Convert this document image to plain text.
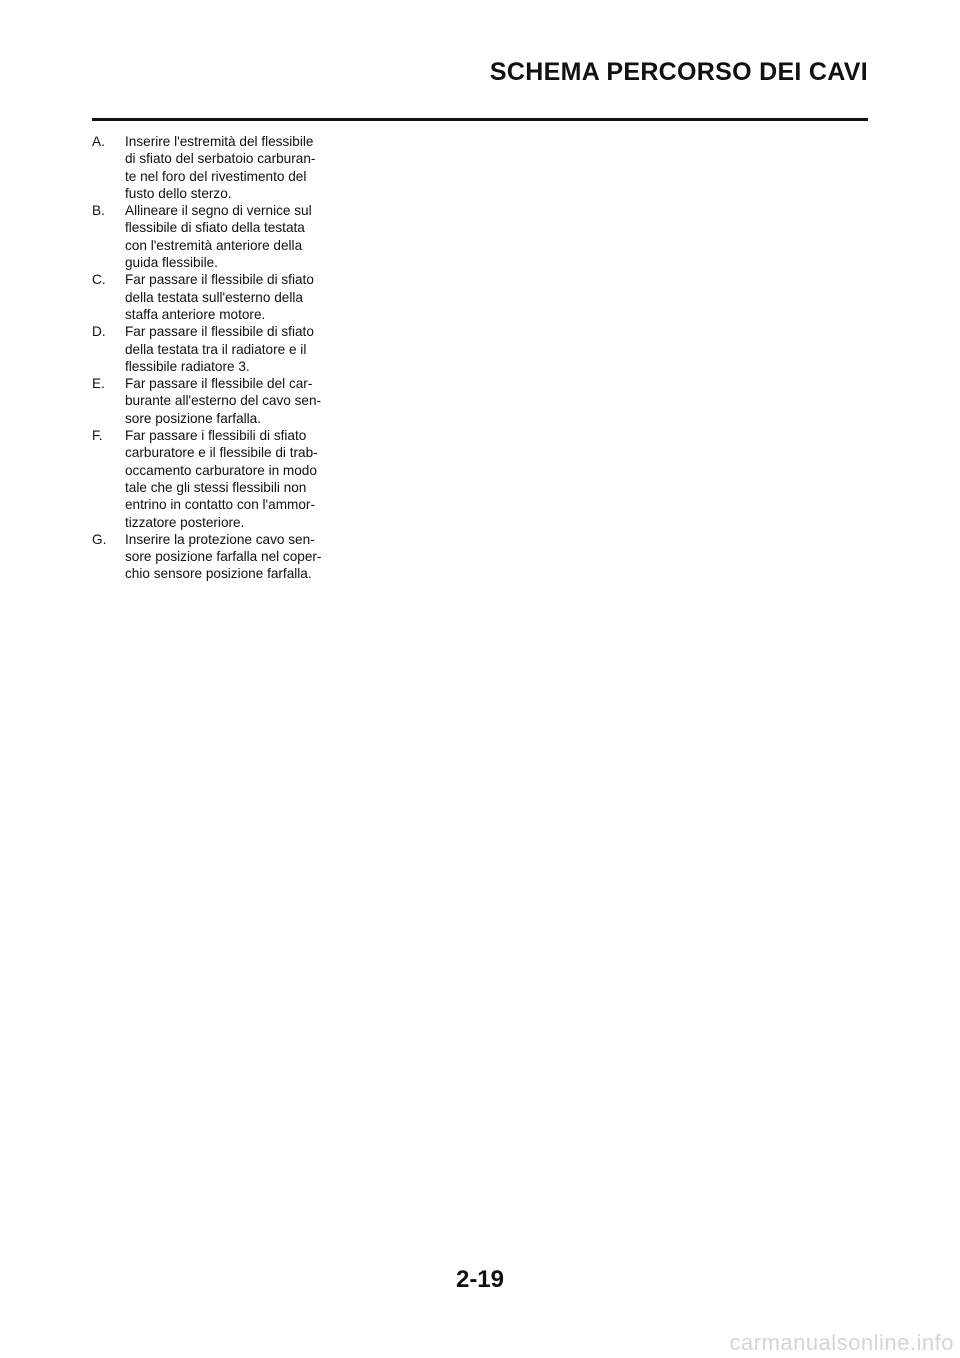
SCHEMA PERCORSO DEI CAVI
A.	Inserire l'estremità del flessibile
di sfiato del serbatoio carburan-
te nel foro del rivestimento del
fusto dello sterzo.
B.	Allineare il segno di vernice sul
flessibile di sfiato della testata
con l'estremità anteriore della
guida flessibile.
C.	Far passare il flessibile di sfiato
della testata sull'esterno della
staffa anteriore motore.
D.	Far passare il flessibile di sfiato
della testata tra il radiatore e il
flessibile radiatore 3.
E.	Far passare il flessibile del car-
burante all'esterno del cavo sen-
sore posizione farfalla.
F.	Far passare i flessibili di sfiato
carburatore e il flessibile di trab-
occamento carburatore in modo
tale che gli stessi flessibili non
entrino in contatto con l'ammor-
tizzatore posteriore.
G.	Inserire la protezione cavo sen-
sore posizione farfalla nel coper-
chio sensore posizione farfalla.
2-19
carmanualsonline.info
